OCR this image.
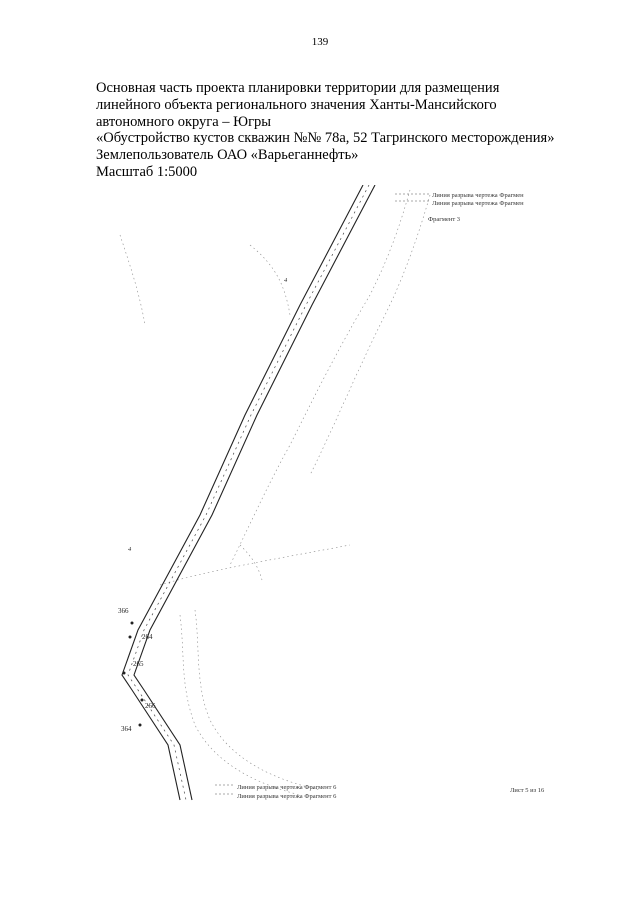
139
Основная часть проекта планировки территории для размещения
линейного объекта регионального значения Ханты-Мансийского
автономного округа – Югры
«Обустройство кустов скважин №№ 78а, 52 Тагринского месторождения»
Землепользователь ОАО «Варьеганнефть»
Масштаб 1:5000
Линия разрыва чертежа Фрагмен
Линия разрыва чертежа Фрагмен
Фрагмент 3
4
4
366
264
265
266
364
Линия разрыва чертежа Фрагмент 6
Линия разрыва чертежа Фрагмент 6
Лист 5 из 16
